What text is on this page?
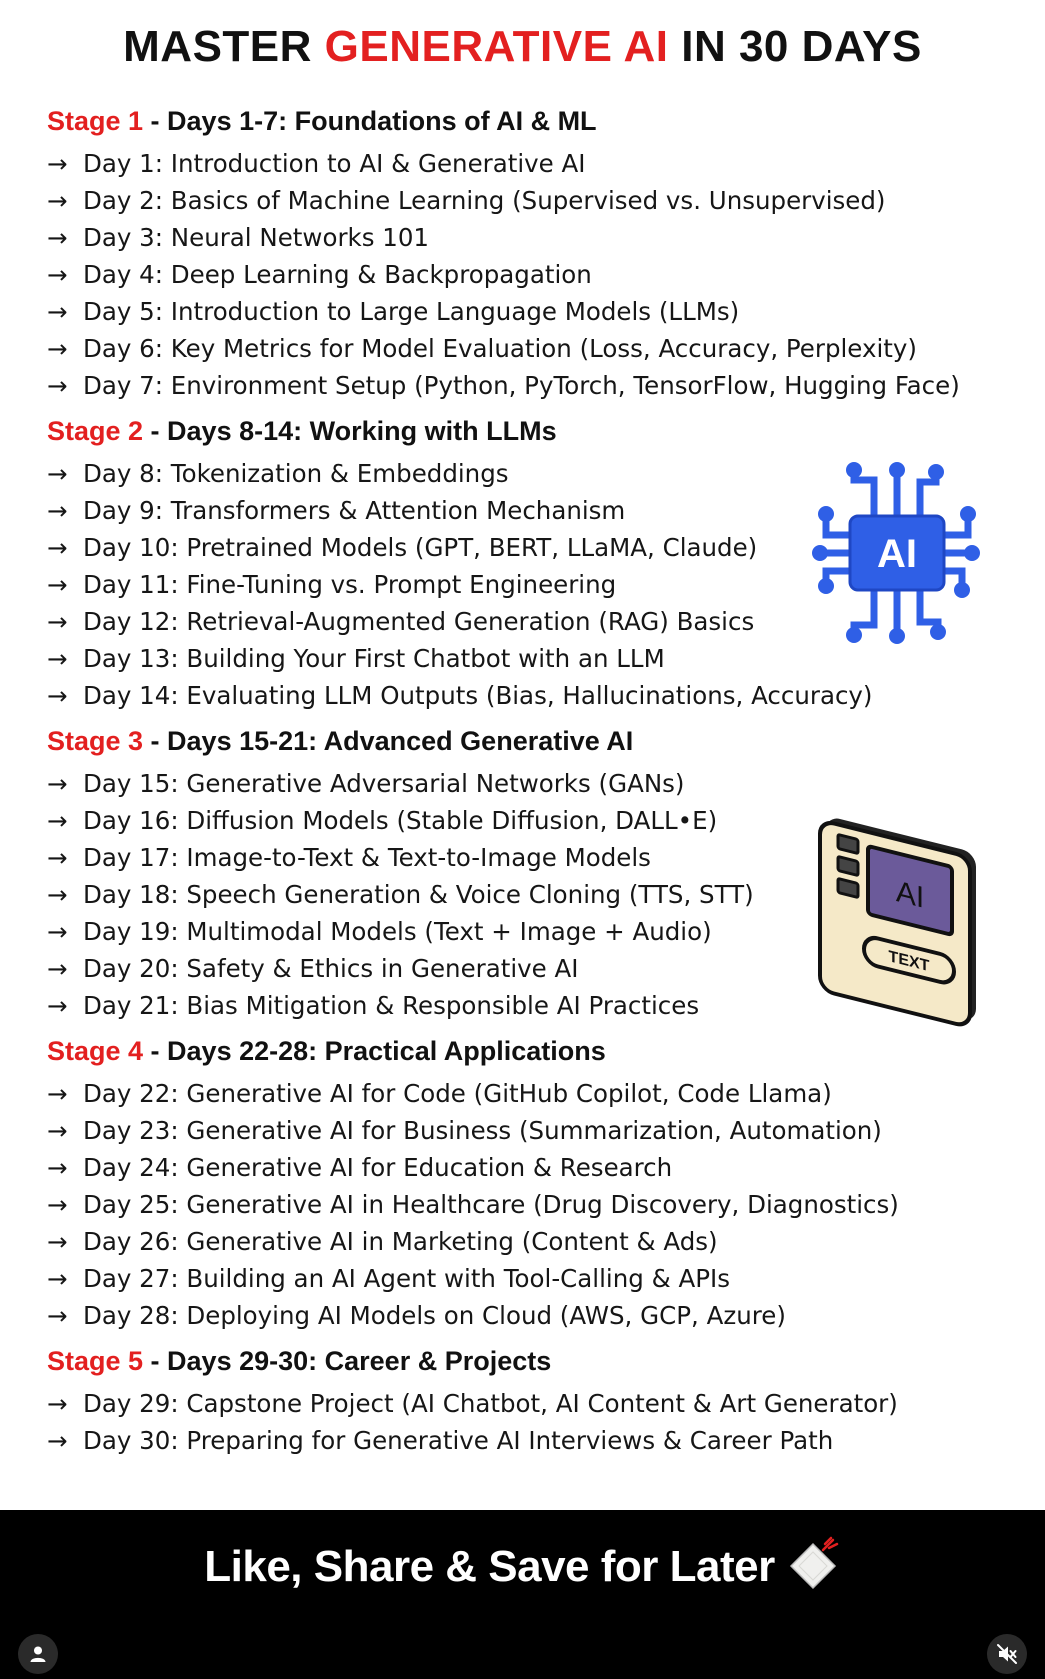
MASTER GENERATIVE AI IN 30 DAYS
Stage 1 - Days 1-7: Foundations of AI & ML
→ Day 1: Introduction to AI & Generative AI
→ Day 2: Basics of Machine Learning (Supervised vs. Unsupervised)
→ Day 3: Neural Networks 101
→ Day 4: Deep Learning & Backpropagation
→ Day 5: Introduction to Large Language Models (LLMs)
→ Day 6: Key Metrics for Model Evaluation (Loss, Accuracy, Perplexity)
→ Day 7: Environment Setup (Python, PyTorch, TensorFlow, Hugging Face)
Stage 2 - Days 8-14: Working with LLMs
→ Day 8: Tokenization & Embeddings
→ Day 9: Transformers & Attention Mechanism
→ Day 10: Pretrained Models (GPT, BERT, LLaMA, Claude)
→ Day 11: Fine-Tuning vs. Prompt Engineering
→ Day 12: Retrieval-Augmented Generation (RAG) Basics
→ Day 13: Building Your First Chatbot with an LLM
→ Day 14: Evaluating LLM Outputs (Bias, Hallucinations, Accuracy)
Stage 3 - Days 15-21: Advanced Generative AI
→ Day 15: Generative Adversarial Networks (GANs)
→ Day 16: Diffusion Models (Stable Diffusion, DALL•E)
→ Day 17: Image-to-Text & Text-to-Image Models
→ Day 18: Speech Generation & Voice Cloning (TTS, STT)
→ Day 19: Multimodal Models (Text + Image + Audio)
→ Day 20: Safety & Ethics in Generative AI
→ Day 21: Bias Mitigation & Responsible AI Practices
Stage 4 - Days 22-28: Practical Applications
→ Day 22: Generative AI for Code (GitHub Copilot, Code Llama)
→ Day 23: Generative AI for Business (Summarization, Automation)
→ Day 24: Generative AI for Education & Research
→ Day 25: Generative AI in Healthcare (Drug Discovery, Diagnostics)
→ Day 26: Generative AI in Marketing (Content & Ads)
→ Day 27: Building an AI Agent with Tool-Calling & APIs
→ Day 28: Deploying AI Models on Cloud (AWS, GCP, Azure)
Stage 5 - Days 29-30: Career & Projects
→ Day 29: Capstone Project (AI Chatbot, AI Content & Art Generator)
→ Day 30: Preparing for Generative AI Interviews & Career Path
AI
AI
TEXT
Like, Share & Save for Later
